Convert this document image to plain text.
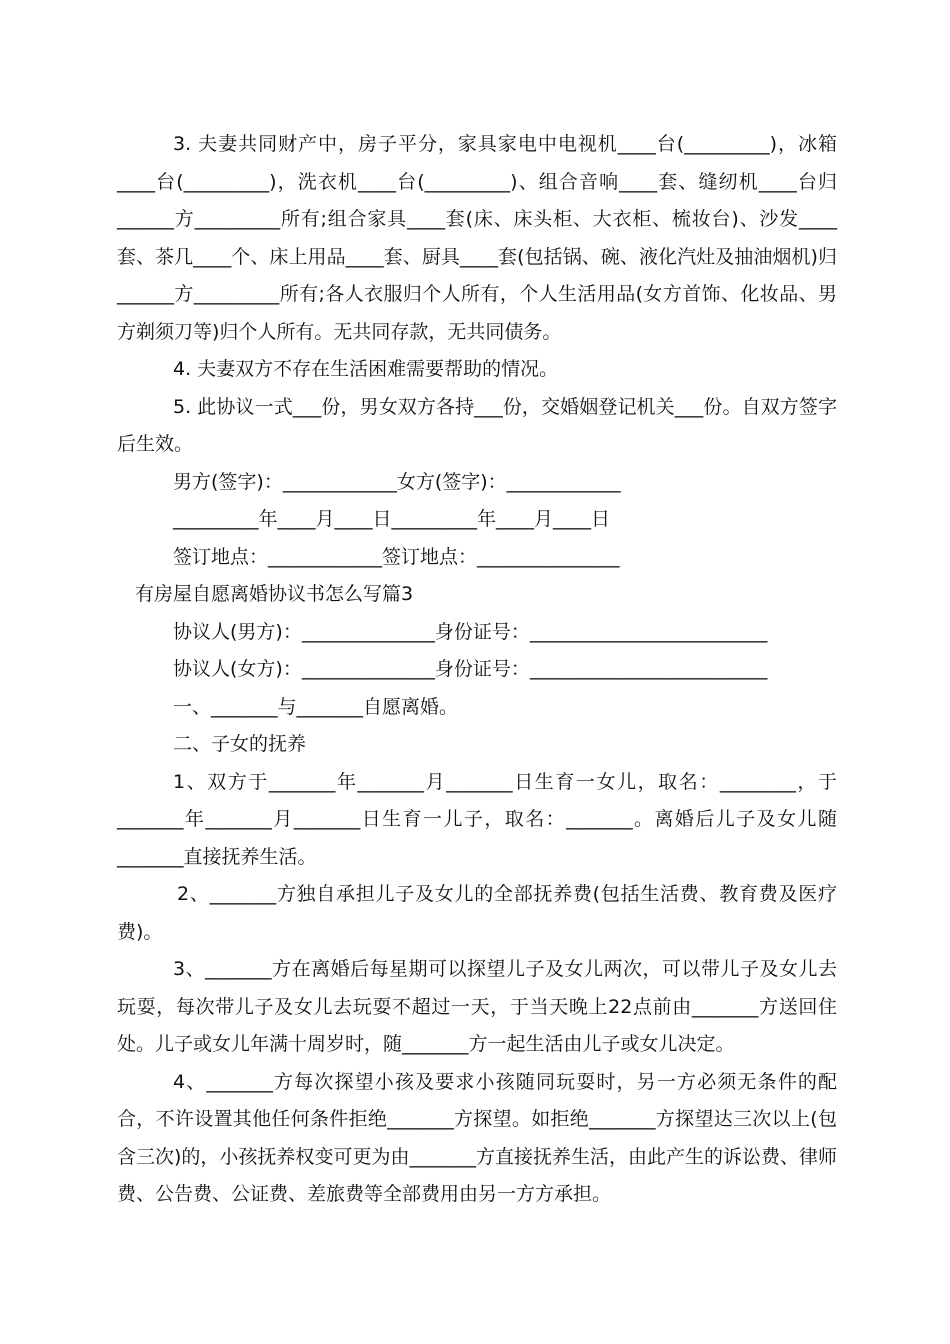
3. 夫妻共同财产中，房子平分，家具家电中电视机____台(_________)，冰箱____台(_________)，洗衣机____台(_________)、组合音响____套、缝纫机____台归______方_________所有;组合家具____套(床、床头柜、大衣柜、梳妆台)、沙发____套、茶几____个、床上用品____套、厨具____套(包括锅、碗、液化汽灶及抽油烟机)归______方_________所有;各人衣服归个人所有，个人生活用品(女方首饰、化妆品、男方剃须刀等)归个人所有。无共同存款，无共同债务。

4. 夫妻双方不存在生活困难需要帮助的情况。

5. 此协议一式___份，男女双方各持___份，交婚姻登记机关___份。自双方签字后生效。

男方(签字)：____________女方(签字)：____________

_________年____月____日_________年____月____日

签订地点：____________签订地点：_______________

有房屋自愿离婚协议书怎么写篇3

协议人(男方)：______________身份证号：_________________________

协议人(女方)：______________身份证号：_________________________

一、_______与_______自愿离婚。

二、子女的抚养

1、双方于_______年_______月_______日生育一女儿，取名：________，于_______年_______月_______日生育一儿子，取名：_______。离婚后儿子及女儿随_______直接抚养生活。

2、_______方独自承担儿子及女儿的全部抚养费(包括生活费、教育费及医疗费)。

3、_______方在离婚后每星期可以探望儿子及女儿两次，可以带儿子及女儿去玩耍，每次带儿子及女儿去玩耍不超过一天，于当天晚上22点前由_______方送回住处。儿子或女儿年满十周岁时，随_______方一起生活由儿子或女儿决定。

4、_______方每次探望小孩及要求小孩随同玩耍时，另一方必须无条件的配合，不许设置其他任何条件拒绝_______方探望。如拒绝_______方探望达三次以上(包含三次)的，小孩抚养权变可更为由_______方直接抚养生活，由此产生的诉讼费、律师费、公告费、公证费、差旅费等全部费用由另一方方承担。
